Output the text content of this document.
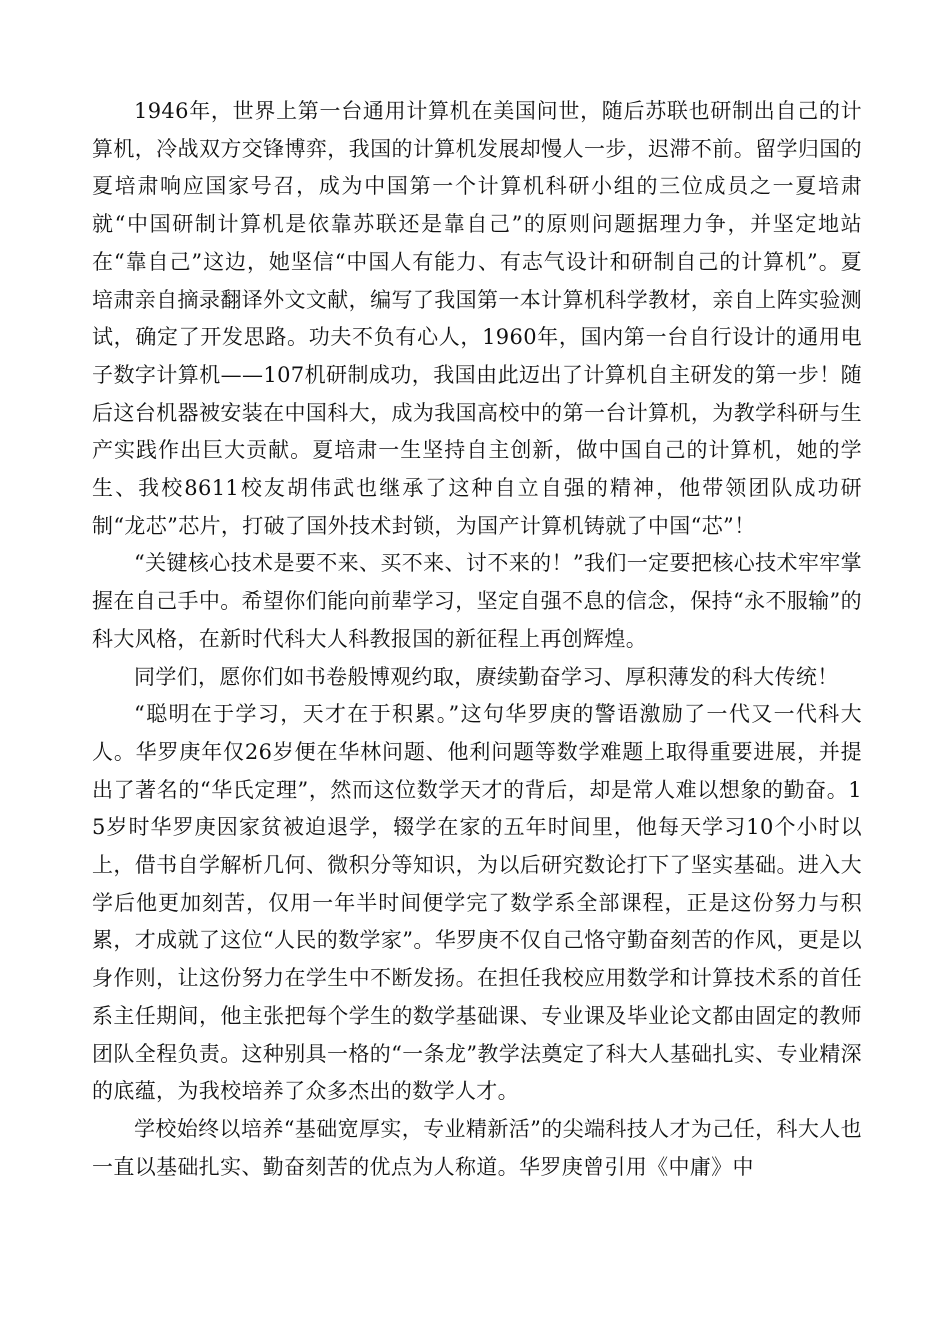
1946年，世界上第一台通用计算机在美国问世，随后苏联也研制出自己的计算机，冷战双方交锋博弈，我国的计算机发展却慢人一步，迟滞不前。留学归国的夏培肃响应国家号召，成为中国第一个计算机科研小组的三位成员之一夏培肃就“中国研制计算机是依靠苏联还是靠自己”的原则问题据理力争，并坚定地站在“靠自己”这边，她坚信“中国人有能力、有志气设计和研制自己的计算机”。夏培肃亲自摘录翻译外文文献，编写了我国第一本计算机科学教材，亲自上阵实验测试，确定了开发思路。功夫不负有心人，1960年，国内第一台自行设计的通用电子数字计算机——107机研制成功，我国由此迈出了计算机自主研发的第一步！随后这台机器被安装在中国科大，成为我国高校中的第一台计算机，为教学科研与生产实践作出巨大贡献。夏培肃一生坚持自主创新，做中国自己的计算机，她的学生、我校8611校友胡伟武也继承了这种自立自强的精神，他带领团队成功研制“龙芯”芯片，打破了国外技术封锁，为国产计算机铸就了中国“芯”！

“关键核心技术是要不来、买不来、讨不来的！”我们一定要把核心技术牢牢掌握在自己手中。希望你们能向前辈学习，坚定自强不息的信念，保持“永不服输”的科大风格，在新时代科大人科教报国的新征程上再创辉煌。

同学们，愿你们如书卷般博观约取，赓续勤奋学习、厚积薄发的科大传统！

“聪明在于学习，天才在于积累。”这句华罗庚的警语激励了一代又一代科大人。华罗庚年仅26岁便在华林问题、他利问题等数学难题上取得重要进展，并提出了著名的“华氏定理”，然而这位数学天才的背后，却是常人难以想象的勤奋。15岁时华罗庚因家贫被迫退学，辍学在家的五年时间里，他每天学习10个小时以上，借书自学解析几何、微积分等知识，为以后研究数论打下了坚实基础。进入大学后他更加刻苦，仅用一年半时间便学完了数学系全部课程，正是这份努力与积累，才成就了这位“人民的数学家”。华罗庚不仅自己恪守勤奋刻苦的作风，更是以身作则，让这份努力在学生中不断发扬。在担任我校应用数学和计算技术系的首任系主任期间，他主张把每个学生的数学基础课、专业课及毕业论文都由固定的教师团队全程负责。这种别具一格的“一条龙”教学法奠定了科大人基础扎实、专业精深的底蕴，为我校培养了众多杰出的数学人才。

学校始终以培养“基础宽厚实，专业精新活”的尖端科技人才为己任，科大人也一直以基础扎实、勤奋刻苦的优点为人称道。华罗庚曾引用《中庸》中
